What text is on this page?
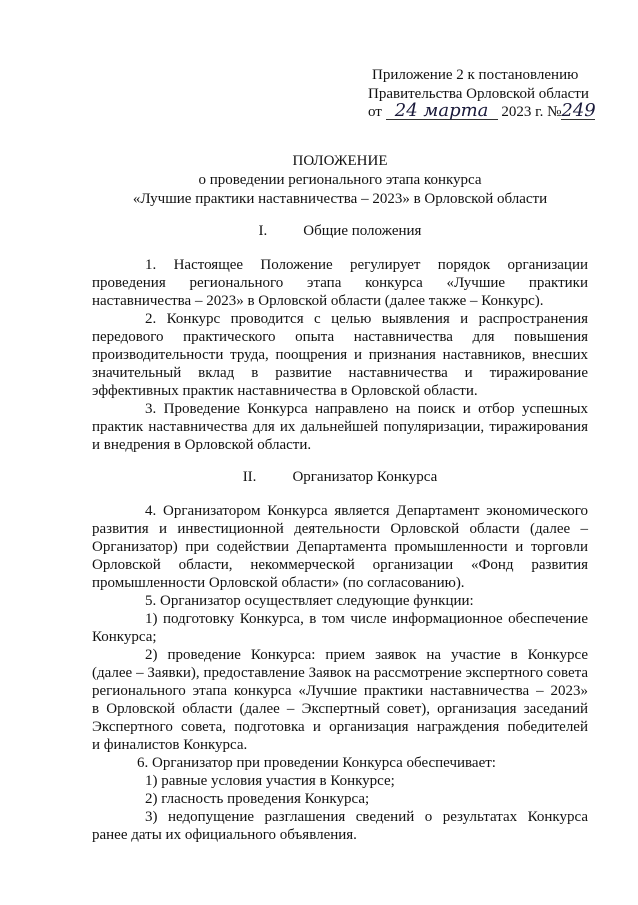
Приложение 2 к постановлению
Правительства Орловской области
от 24 марта 2023 г. №249
ПОЛОЖЕНИЕ
о проведении регионального этапа конкурса
«Лучшие практики наставничества – 2023» в Орловской области
I. Общие положения
1. Настоящее Положение регулирует порядок организации
проведения регионального этапа конкурса «Лучшие практики
наставничества – 2023» в Орловской области (далее также – Конкурс).
2. Конкурс проводится с целью выявления и распространения
передового практического опыта наставничества для повышения
производительности труда, поощрения и признания наставников, внесших
значительный вклад в развитие наставничества и тиражирование
эффективных практик наставничества в Орловской области.
3. Проведение Конкурса направлено на поиск и отбор успешных
практик наставничества для их дальнейшей популяризации, тиражирования
и внедрения в Орловской области.
II. Организатор Конкурса
4. Организатором Конкурса является Департамент экономического
развития и инвестиционной деятельности Орловской области (далее –
Организатор) при содействии Департамента промышленности и торговли
Орловской области, некоммерческой организации «Фонд развития
промышленности Орловской области» (по согласованию).
5. Организатор осуществляет следующие функции:
1) подготовку Конкурса, в том числе информационное обеспечение
Конкурса;
2) проведение Конкурса: прием заявок на участие в Конкурсе
(далее – Заявки), предоставление Заявок на рассмотрение экспертного совета
регионального этапа конкурса «Лучшие практики наставничества – 2023»
в Орловской области (далее – Экспертный совет), организация заседаний
Экспертного совета, подготовка и организация награждения победителей
и финалистов Конкурса.
6. Организатор при проведении Конкурса обеспечивает:
1) равные условия участия в Конкурсе;
2) гласность проведения Конкурса;
3) недопущение разглашения сведений о результатах Конкурса
ранее даты их официального объявления.
